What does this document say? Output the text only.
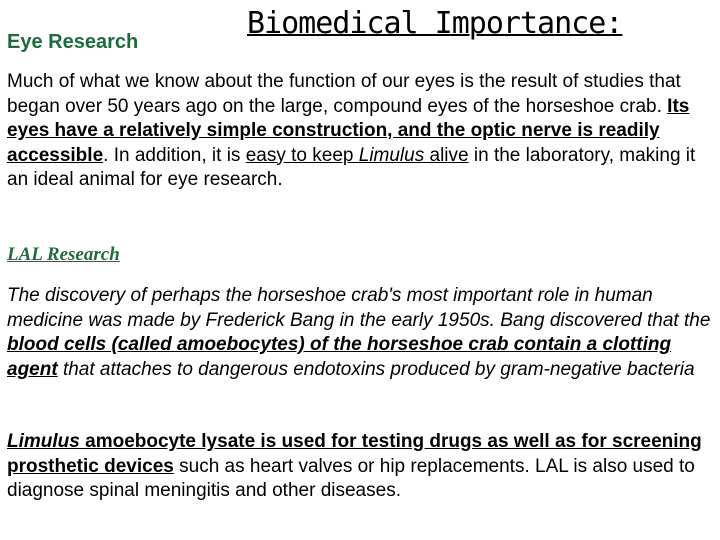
Eye Research
Biomedical Importance:
Much of what we know about the function of our eyes is the result of studies that began over 50 years ago on the large, compound eyes of the horseshoe crab. Its eyes have a relatively simple construction, and the optic nerve is readily accessible. In addition, it is easy to keep Limulus alive in the laboratory, making it an ideal animal for eye research.
LAL Research
The discovery of perhaps the horseshoe crab's most important role in human medicine was made by Frederick Bang in the early 1950s. Bang discovered that the blood cells (called amoebocytes) of the horseshoe crab contain a clotting agent that attaches to dangerous endotoxins produced by gram-negative bacteria
Limulus amoebocyte lysate is used for testing drugs as well as for screening prosthetic devices such as heart valves or hip replacements. LAL is also used to diagnose spinal meningitis and other diseases.
